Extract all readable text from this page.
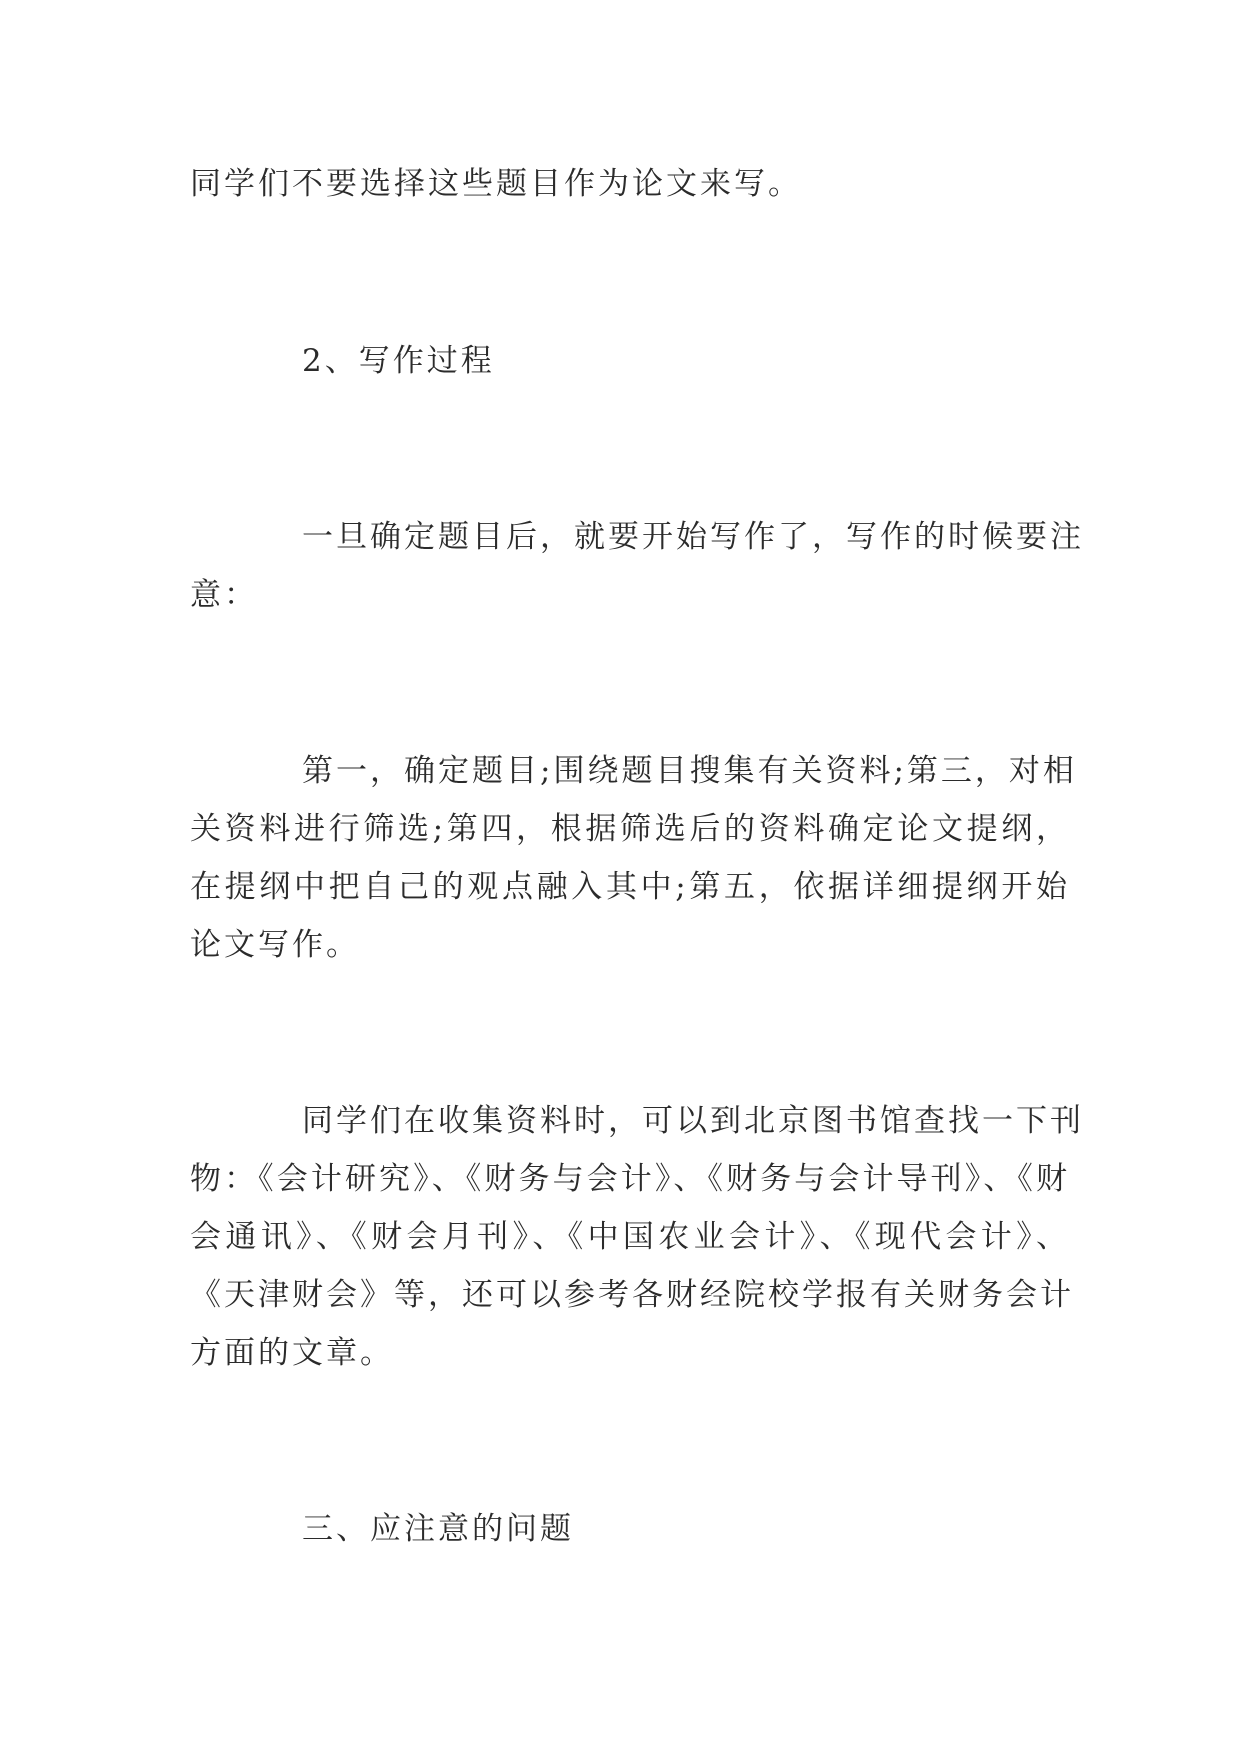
同学们不要选择这些题目作为论文来写。

2、写作过程

一旦确定题目后，就要开始写作了，写作的时候要注

意：

第一，确定题目;围绕题目搜集有关资料;第三，对相

关资料进行筛选;第四，根据筛选后的资料确定论文提纲，

在提纲中把自己的观点融入其中;第五，依据详细提纲开始

论文写作。

同学们在收集资料时，可以到北京图书馆查找一下刊

物：《会计研究》、《财务与会计》、《财务与会计导刊》、《财

会通讯》、《财会月刊》、《中国农业会计》、《现代会计》、

《天津财会》等，还可以参考各财经院校学报有关财务会计

方面的文章。

三、应注意的问题
